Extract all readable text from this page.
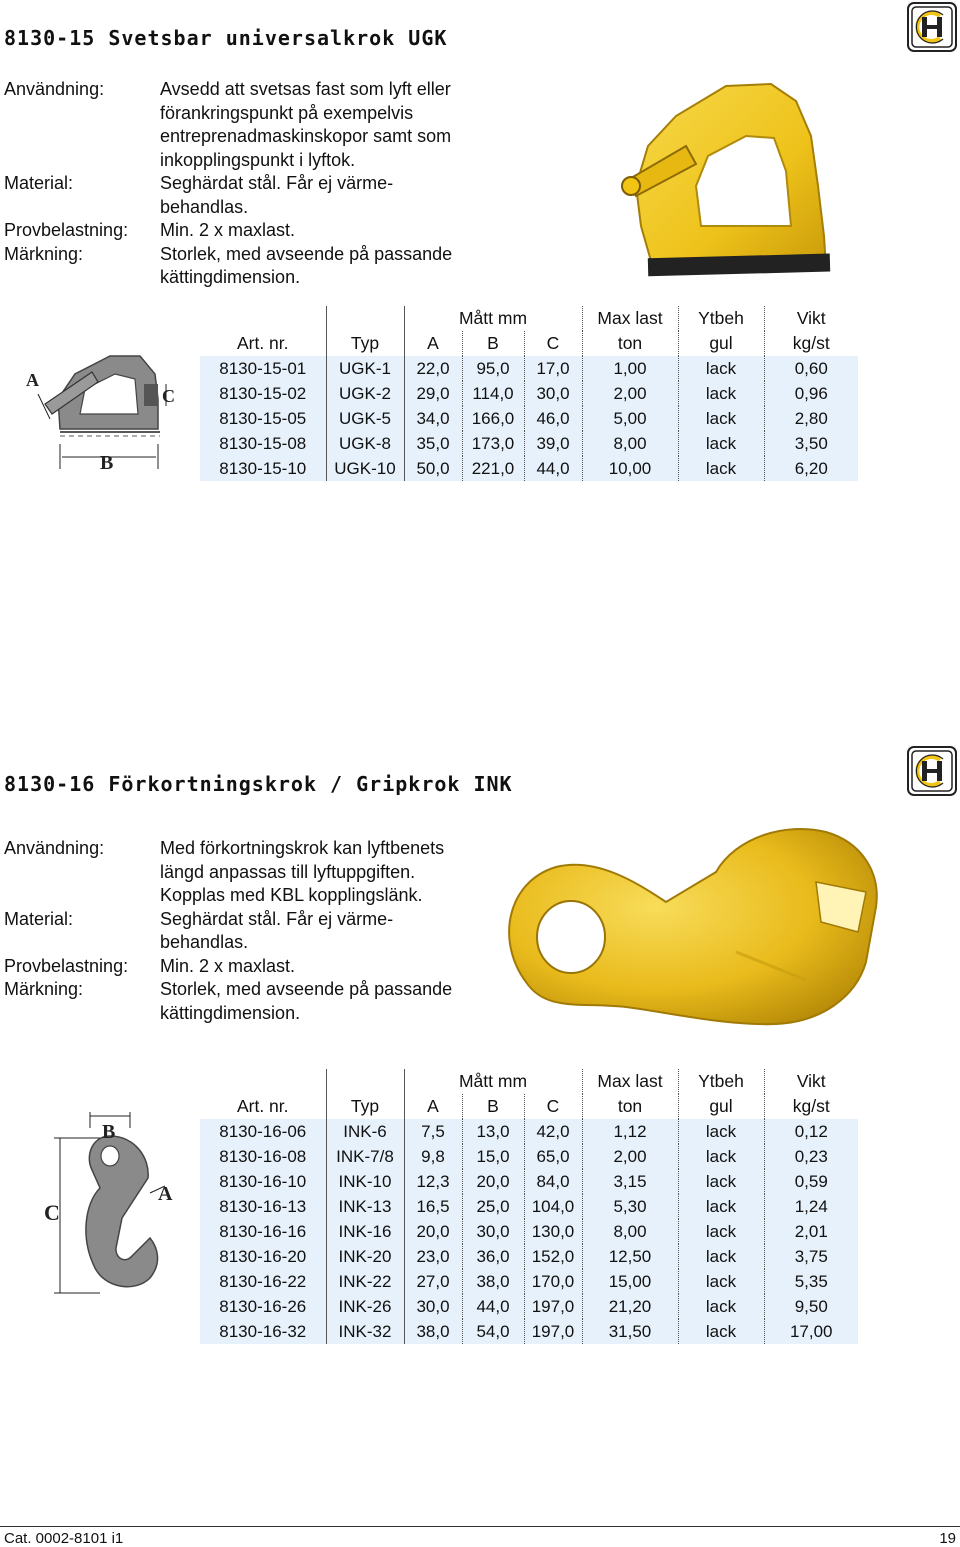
8130-15 Svetsbar universalkrok UGK
Användning:	Avsedd att svetsas fast som lyft eller
förankringspunkt på exempelvis
entreprenadmaskinskopor samt som
inkopplingspunkt i lyftok.
Material:	Seghärdat stål. Får ej värme-
behandlas.
Provbelastning:	Min. 2 x maxlast.
Märkning:	Storlek, med avseende på passande
kättingdimension.
A
C
B
		Mått mm			Max last	Ytbeh	Vikt
Art. nr.	Typ	A	B	C	ton	gul	kg/st
8130-15-01	UGK-1	22,0	95,0	17,0	1,00	lack	0,60
8130-15-02	UGK-2	29,0	114,0	30,0	2,00	lack	0,96
8130-15-05	UGK-5	34,0	166,0	46,0	5,00	lack	2,80
8130-15-08	UGK-8	35,0	173,0	39,0	8,00	lack	3,50
8130-15-10	UGK-10	50,0	221,0	44,0	10,00	lack	6,20
8130-16 Förkortningskrok / Gripkrok INK
Användning:	Med förkortningskrok kan lyftbenets
längd anpassas till lyftuppgiften.
Kopplas med KBL kopplingslänk.
Material:	Seghärdat stål. Får ej värme-
behandlas.
Provbelastning:	Min. 2 x maxlast.
Märkning:	Storlek, med avseende på passande
kättingdimension.
B
C
A
		Mått mm			Max last	Ytbeh	Vikt
Art. nr.	Typ	A	B	C	ton	gul	kg/st
8130-16-06	INK-6	7,5	13,0	42,0	1,12	lack	0,12
8130-16-08	INK-7/8	9,8	15,0	65,0	2,00	lack	0,23
8130-16-10	INK-10	12,3	20,0	84,0	3,15	lack	0,59
8130-16-13	INK-13	16,5	25,0	104,0	5,30	lack	1,24
8130-16-16	INK-16	20,0	30,0	130,0	8,00	lack	2,01
8130-16-20	INK-20	23,0	36,0	152,0	12,50	lack	3,75
8130-16-22	INK-22	27,0	38,0	170,0	15,00	lack	5,35
8130-16-26	INK-26	30,0	44,0	197,0	21,20	lack	9,50
8130-16-32	INK-32	38,0	54,0	197,0	31,50	lack	17,00
Cat. 0002-8101 i1	19
